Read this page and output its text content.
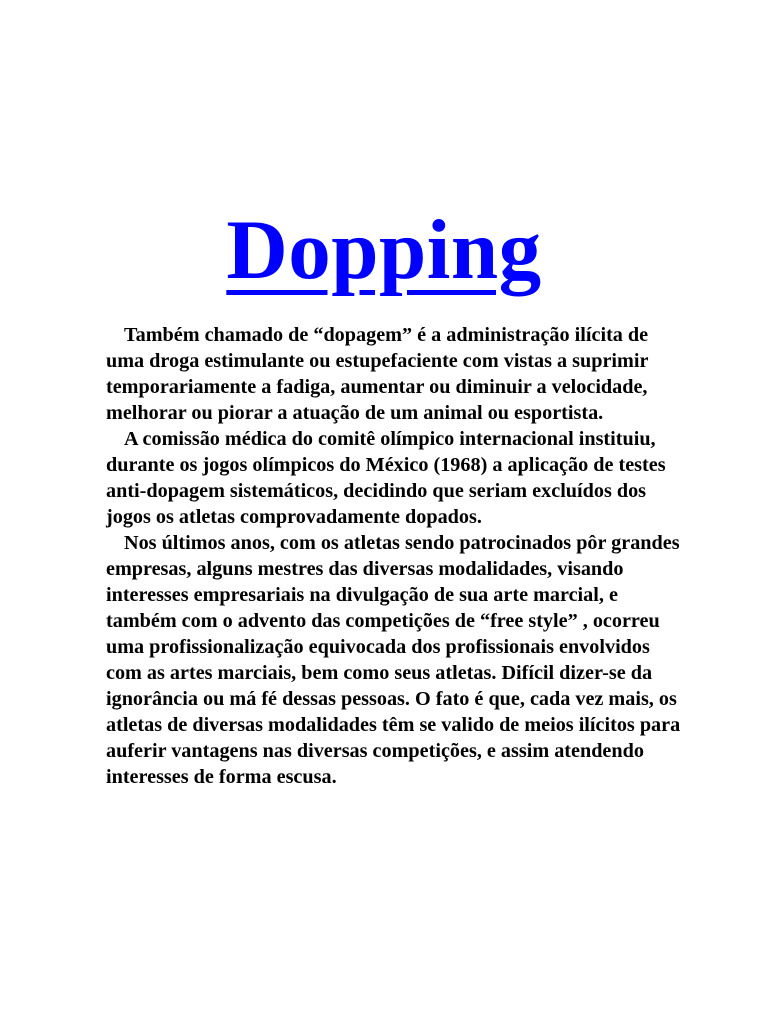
Dopping

Também chamado de “dopagem” é a administração ilícita de uma droga estimulante ou estupefaciente com vistas a suprimir temporariamente a fadiga, aumentar ou diminuir a velocidade, melhorar ou piorar a atuação de um animal ou esportista.

A comissão médica do comitê olímpico internacional instituiu, durante os jogos olímpicos do México (1968) a aplicação de testes anti-dopagem sistemáticos, decidindo que seriam excluídos dos jogos os atletas comprovadamente dopados.

Nos últimos anos, com os atletas sendo patrocinados pôr grandes empresas, alguns mestres das diversas modalidades, visando interesses empresariais na divulgação de sua arte marcial, e também com o advento das competições de “free style” , ocorreu uma profissionalização equivocada dos profissionais envolvidos com as artes marciais, bem como seus atletas. Difícil dizer-se da ignorância ou má fé dessas pessoas. O fato é que, cada vez mais, os atletas de diversas modalidades têm se valido de meios ilícitos para auferir vantagens nas diversas competições, e assim atendendo interesses de forma escusa.
